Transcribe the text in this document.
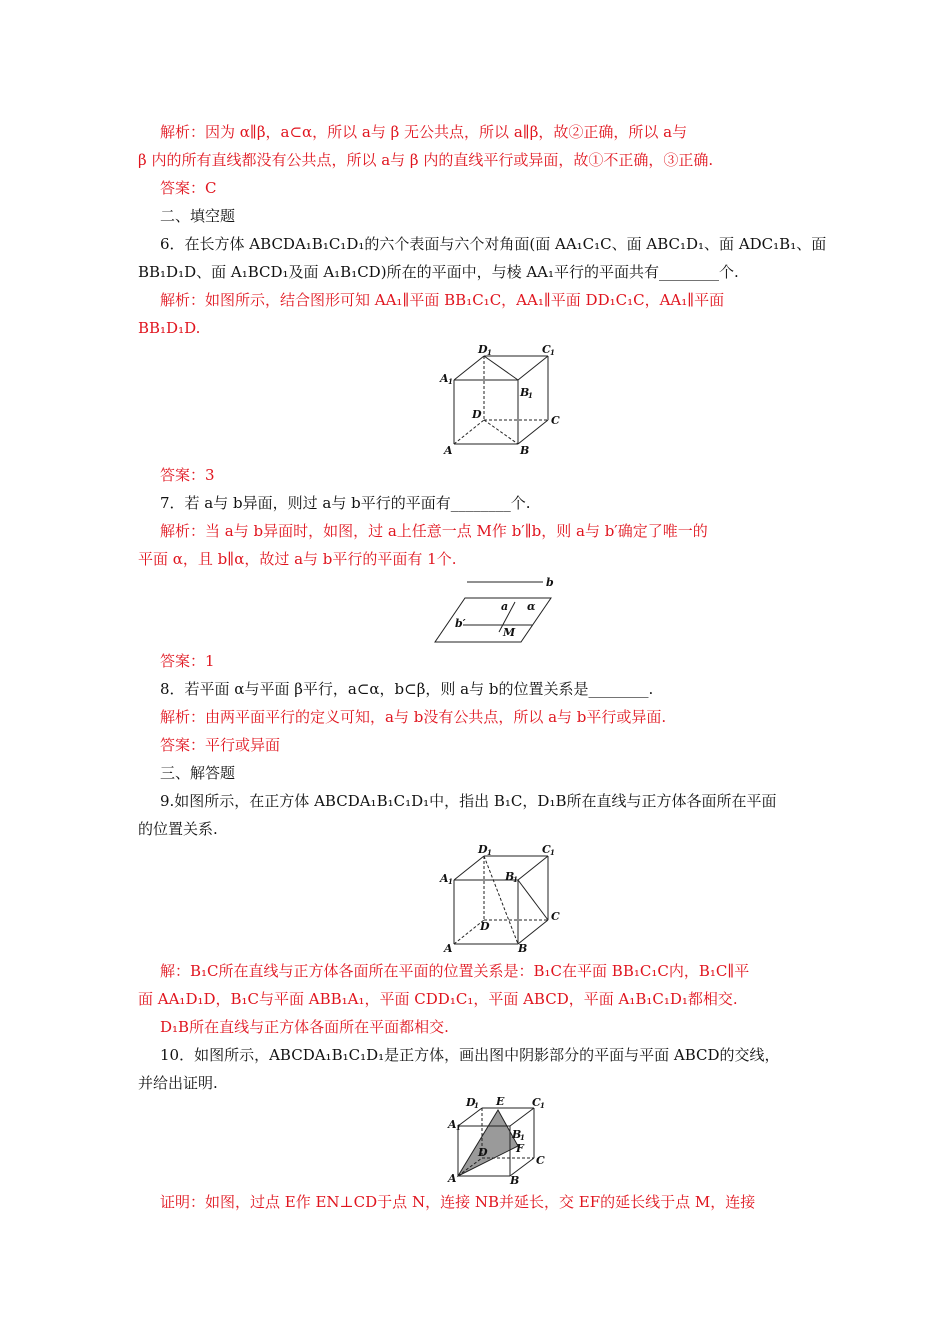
解析：因为 α∥β，a⊂α，所以 a与 β 无公共点，所以 a∥β，故②正确，所以 a与
β 内的所有直线都没有公共点，所以 a与 β 内的直线平行或异面，故①不正确，③正确.
答案：C
二、填空题
6．在长方体 ABCDA₁B₁C₁D₁的六个表面与六个对角面(面 AA₁C₁C、面 ABC₁D₁、面 ADC₁B₁、面
BB₁D₁D、面 A₁BCD₁及面 A₁B₁CD)所在的平面中，与棱 AA₁平行的平面共有________个.
解析：如图所示，结合图形可知 AA₁∥平面 BB₁C₁C，AA₁∥平面 DD₁C₁C，AA₁∥平面
BB₁D₁D.
D 1	C 1
A 1
B
1
D	C
A	B
答案：3
7．若 a与 b异面，则过 a与 b平行的平面有________个.
解析：当 a与 b异面时，如图，过 a上任意一点 M作 b′∥b，则 a与 b′确定了唯一的
平面 α，且 b∥α，故过 a与 b平行的平面有 1个.
b
a α
b′
M
答案：1
8．若平面 α与平面 β平行，a⊂α，b⊂β，则 a与 b的位置关系是________.
解析：由两平面平行的定义可知，a与 b没有公共点，所以 a与 b平行或异面.
答案：平行或异面
三、解答题
9.如图所示，在正方体 ABCDA₁B₁C₁D₁中，指出 B₁C，D₁B所在直线与正方体各面所在平面
的位置关系.
D 1	C 1
A 1	B
1
D
C
A	B
解：B₁C所在直线与正方体各面所在平面的位置关系是：B₁C在平面 BB₁C₁C内，B₁C∥平
面 AA₁D₁D，B₁C与平面 ABB₁A₁，平面 CDD₁C₁，平面 ABCD，平面 A₁B₁C₁D₁都相交.
D₁B所在直线与正方体各面所在平面都相交.
10．如图所示，ABCDA₁B₁C₁D₁是正方体，画出图中阴影部分的平面与平面 ABCD的交线，
并给出证明.
D
1 E	C 1
A 1
B
1
F
D
C
A	B
证明：如图，过点 E作 EN⊥CD于点 N，连接 NB并延长，交 EF的延长线于点 M，连接
